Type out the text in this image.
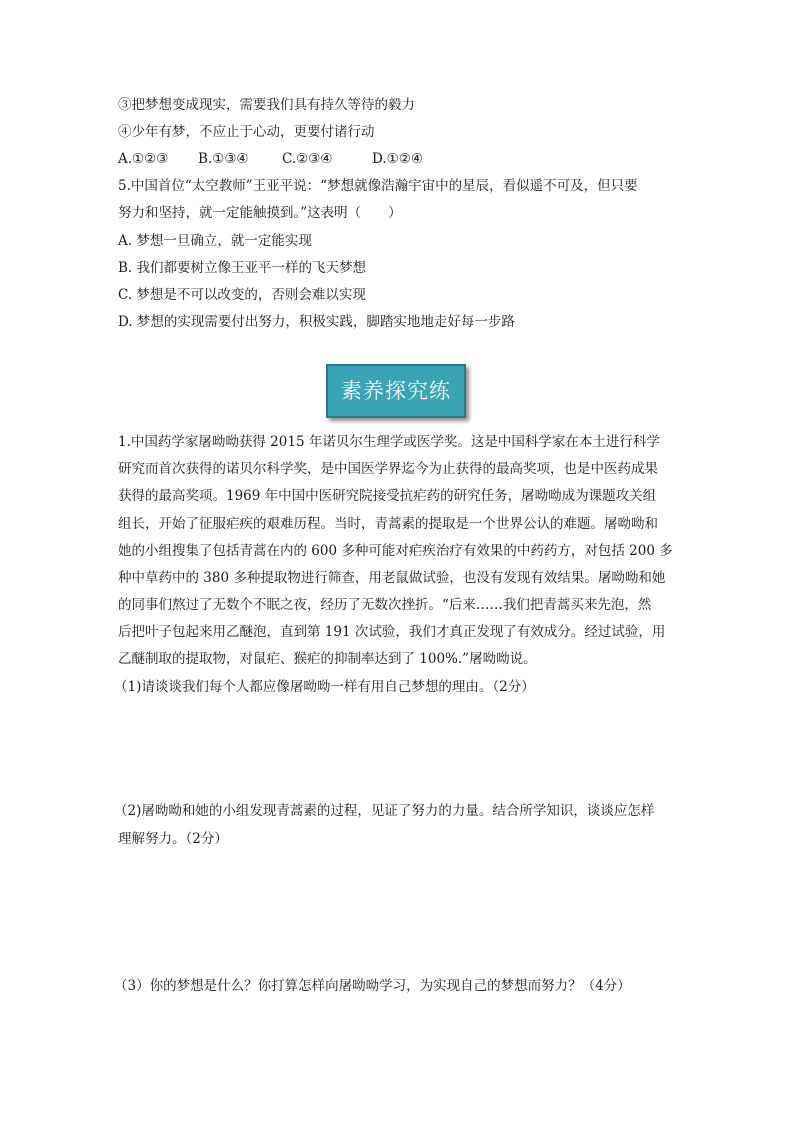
③把梦想变成现实，需要我们具有持久等待的毅力
④少年有梦，不应止于心动，更要付诸行动
A.①②③ B.①③④ C.②③④	D.①②④
5.中国首位“太空教师”王亚平说：“梦想就像浩瀚宇宙中的星辰，看似遥不可及，但只要
努力和坚持，就一定能触摸到。”这表明（　　）
A. 梦想一旦确立，就一定能实现
B. 我们都要树立像王亚平一样的飞天梦想
C. 梦想是不可以改变的，否则会难以实现
D. 梦想的实现需要付出努力，积极实践，脚踏实地地走好每一步路
素养探究练
1.中国药学家屠呦呦获得 2015 年诺贝尔生理学或医学奖。这是中国科学家在本土进行科学
研究而首次获得的诺贝尔科学奖，是中国医学界迄今为止获得的最高奖项，也是中医药成果
获得的最高奖项。1969 年中国中医研究院接受抗疟药的研究任务，屠呦呦成为课题攻关组
组长，开始了征服疟疾的艰难历程。当时，青蒿素的提取是一个世界公认的难题。屠呦呦和
她的小组搜集了包括青蒿在内的 600 多种可能对疟疾治疗有效果的中药药方，对包括 200 多
种中草药中的 380 多种提取物进行筛查，用老鼠做试验，也没有发现有效结果。屠呦呦和她
的同事们熬过了无数个不眠之夜，经历了无数次挫折。“后来……我们把青蒿买来先泡，然
后把叶子包起来用乙醚泡，直到第 191 次试验，我们才真正发现了有效成分。经过试验，用
乙醚制取的提取物，对鼠疟、猴疟的抑制率达到了 100%.”屠呦呦说。
（1)请谈谈我们每个人都应像屠呦呦一样有用自己梦想的理由。（2分）
（2)屠呦呦和她的小组发现青蒿素的过程，见证了努力的力量。结合所学知识，谈谈应怎样
理解努力。（2分）
（3）你的梦想是什么？你打算怎样向屠呦呦学习，为实现自己的梦想而努力？（4分）
